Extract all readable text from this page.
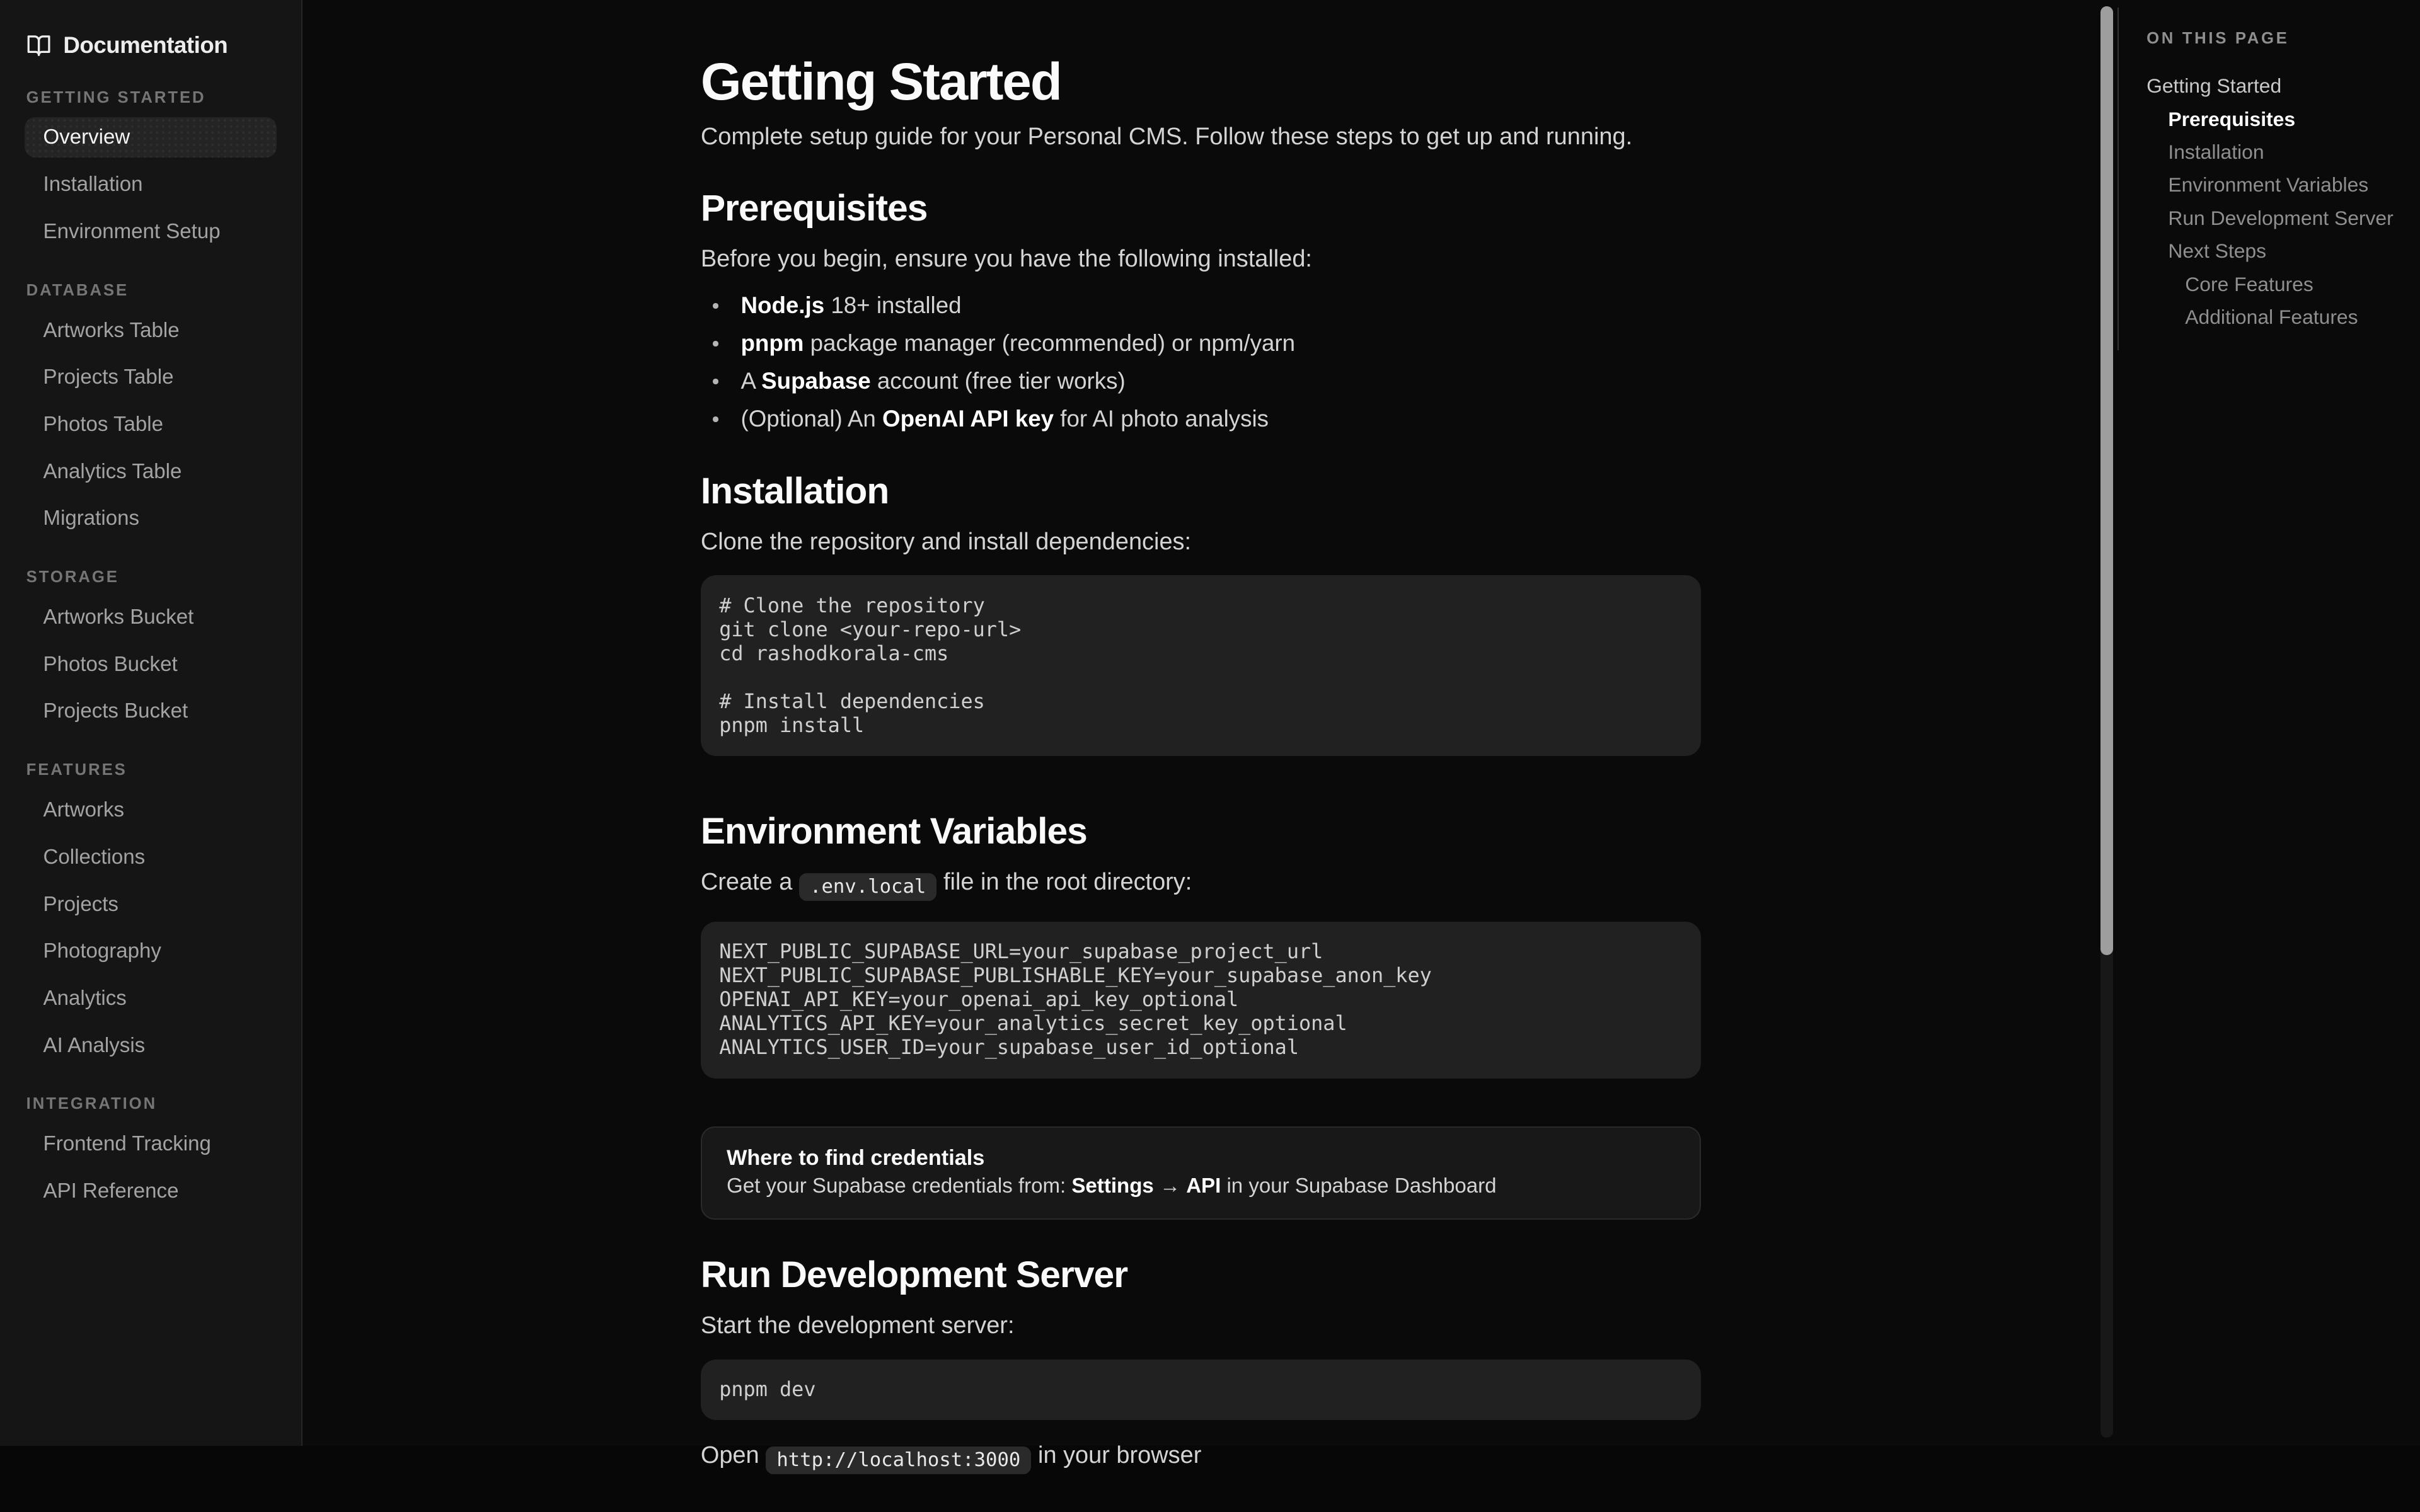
Documentation
GETTING STARTED
Overview
Installation
Environment Setup
DATABASE
Artworks Table
Projects Table
Photos Table
Analytics Table
Migrations
STORAGE
Artworks Bucket
Photos Bucket
Projects Bucket
FEATURES
Artworks
Collections
Projects
Photography
Analytics
AI Analysis
INTEGRATION
Frontend Tracking
API Reference
Getting Started
Complete setup guide for your Personal CMS. Follow these steps to get up and running.
Prerequisites

Before you begin, ensure you have the following installed:

Node.js 18+ installed
pnpm package manager (recommended) or npm/yarn
A Supabase account (free tier works)
(Optional) An OpenAI API key for AI photo analysis
Installation

Clone the repository and install dependencies:

# Clone the repository
git clone <your-repo-url>
cd rashodkorala-cms
# Install dependencies
pnpm install
Environment Variables

Create a .env.local file in the root directory:

NEXT_PUBLIC_SUPABASE_URL=your_supabase_project_url
NEXT_PUBLIC_SUPABASE_PUBLISHABLE_KEY=your_supabase_anon_key
OPENAI_API_KEY=your_openai_api_key_optional
ANALYTICS_API_KEY=your_analytics_secret_key_optional
ANALYTICS_USER_ID=your_supabase_user_id_optional
Where to find credentials
Get your Supabase credentials from: Settings → API in your Supabase Dashboard
Run Development Server

Start the development server:

pnpm dev

Open http://localhost:3000 in your browser

ON THIS PAGE
Getting Started
Prerequisites
Installation
Environment Variables
Run Development Server
Next Steps
Core Features
Additional Features
